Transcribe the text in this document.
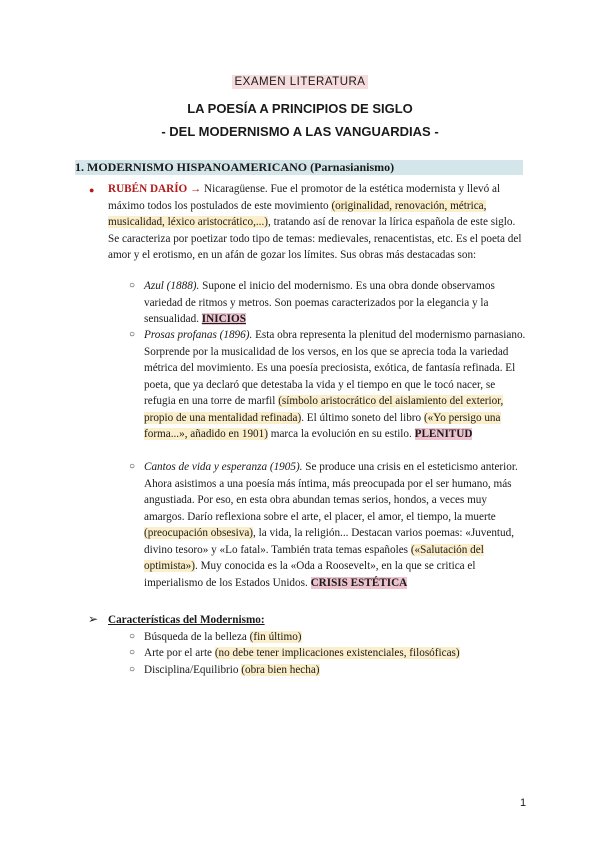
EXAMEN LITERATURA
LA POESÍA A PRINCIPIOS DE SIGLO
- DEL MODERNISMO A LAS VANGUARDIAS -
1. MODERNISMO HISPANOAMERICANO (Parnasianismo)
● RUBÉN DARÍO → Nicaragüense. Fue el promotor de la estética modernista y llevó al máximo todos los postulados de este movimiento (originalidad, renovación, métrica, musicalidad, léxico aristocrático,...), tratando así de renovar la lírica española de este siglo. Se caracteriza por poetizar todo tipo de temas: medievales, renacentistas, etc. Es el poeta del amor y el erotismo, en un afán de gozar los límites. Sus obras más destacadas son:
○ Azul (1888). Supone el inicio del modernismo. Es una obra donde observamos variedad de ritmos y metros. Son poemas caracterizados por la elegancia y la sensualidad. INICIOS
○ Prosas profanas (1896). Esta obra representa la plenitud del modernismo parnasiano. Sorprende por la musicalidad de los versos, en los que se aprecia toda la variedad métrica del movimiento. Es una poesía preciosista, exótica, de fantasía refinada. El poeta, que ya declaró que detestaba la vida y el tiempo en que le tocó nacer, se refugia en una torre de marfil (símbolo aristocrático del aislamiento del exterior, propio de una mentalidad refinada). El último soneto del libro («Yo persigo una forma...», añadido en 1901) marca la evolución en su estilo. PLENITUD
○ Cantos de vida y esperanza (1905). Se produce una crisis en el esteticismo anterior. Ahora asistimos a una poesía más íntima, más preocupada por el ser humano, más angustiada. Por eso, en esta obra abundan temas serios, hondos, a veces muy amargos. Darío reflexiona sobre el arte, el placer, el amor, el tiempo, la muerte (preocupación obsesiva), la vida, la religión... Destacan varios poemas: «Juventud, divino tesoro» y «Lo fatal». También trata temas españoles («Salutación del optimista»). Muy conocida es la «Oda a Roosevelt», en la que se critica el imperialismo de los Estados Unidos. CRISIS ESTÉTICA
➢ Características del Modernismo:
○ Búsqueda de la belleza (fin último)
○ Arte por el arte (no debe tener implicaciones existenciales, filosóficas)
○ Disciplina/Equilibrio (obra bien hecha)
1
